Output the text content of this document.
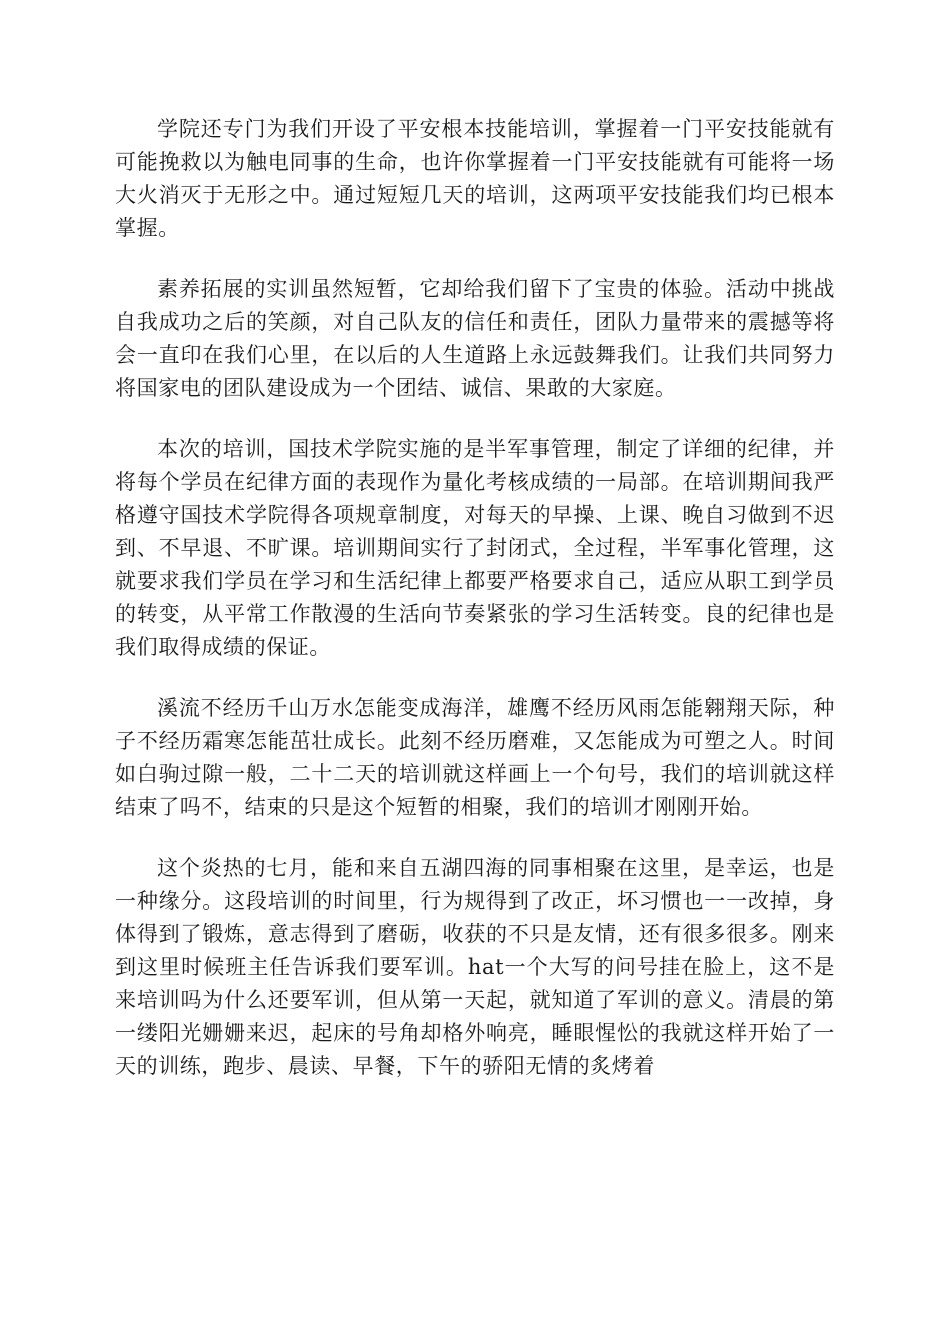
学院还专门为我们开设了平安根本技能培训，掌握着一门平安技能就有可能挽救以为触电同事的生命，也许你掌握着一门平安技能就有可能将一场大火消灭于无形之中。通过短短几天的培训，这两项平安技能我们均已根本掌握。

素养拓展的实训虽然短暂，它却给我们留下了宝贵的体验。活动中挑战自我成功之后的笑颜，对自己队友的信任和责任，团队力量带来的震撼等将会一直印在我们心里，在以后的人生道路上永远鼓舞我们。让我们共同努力将国家电的团队建设成为一个团结、诚信、果敢的大家庭。

本次的培训，国技术学院实施的是半军事管理，制定了详细的纪律，并将每个学员在纪律方面的表现作为量化考核成绩的一局部。在培训期间我严格遵守国技术学院得各项规章制度，对每天的早操、上课、晚自习做到不迟到、不早退、不旷课。培训期间实行了封闭式，全过程，半军事化管理，这就要求我们学员在学习和生活纪律上都要严格要求自己，适应从职工到学员的转变，从平常工作散漫的生活向节奏紧张的学习生活转变。良的纪律也是我们取得成绩的保证。

溪流不经历千山万水怎能变成海洋，雄鹰不经历风雨怎能翱翔天际，种子不经历霜寒怎能茁壮成长。此刻不经历磨难，又怎能成为可塑之人。时间如白驹过隙一般，二十二天的培训就这样画上一个句号，我们的培训就这样结束了吗不，结束的只是这个短暂的相聚，我们的培训才刚刚开始。

这个炎热的七月，能和来自五湖四海的同事相聚在这里，是幸运，也是一种缘分。这段培训的时间里，行为规得到了改正，坏习惯也一一改掉，身体得到了锻炼，意志得到了磨砺，收获的不只是友情，还有很多很多。刚来到这里时候班主任告诉我们要军训。hat一个大写的问号挂在脸上，这不是来培训吗为什么还要军训，但从第一天起，就知道了军训的意义。清晨的第一缕阳光姗姗来迟，起床的号角却格外响亮，睡眼惺忪的我就这样开始了一天的训练，跑步、晨读、早餐，下午的骄阳无情的炙烤着
